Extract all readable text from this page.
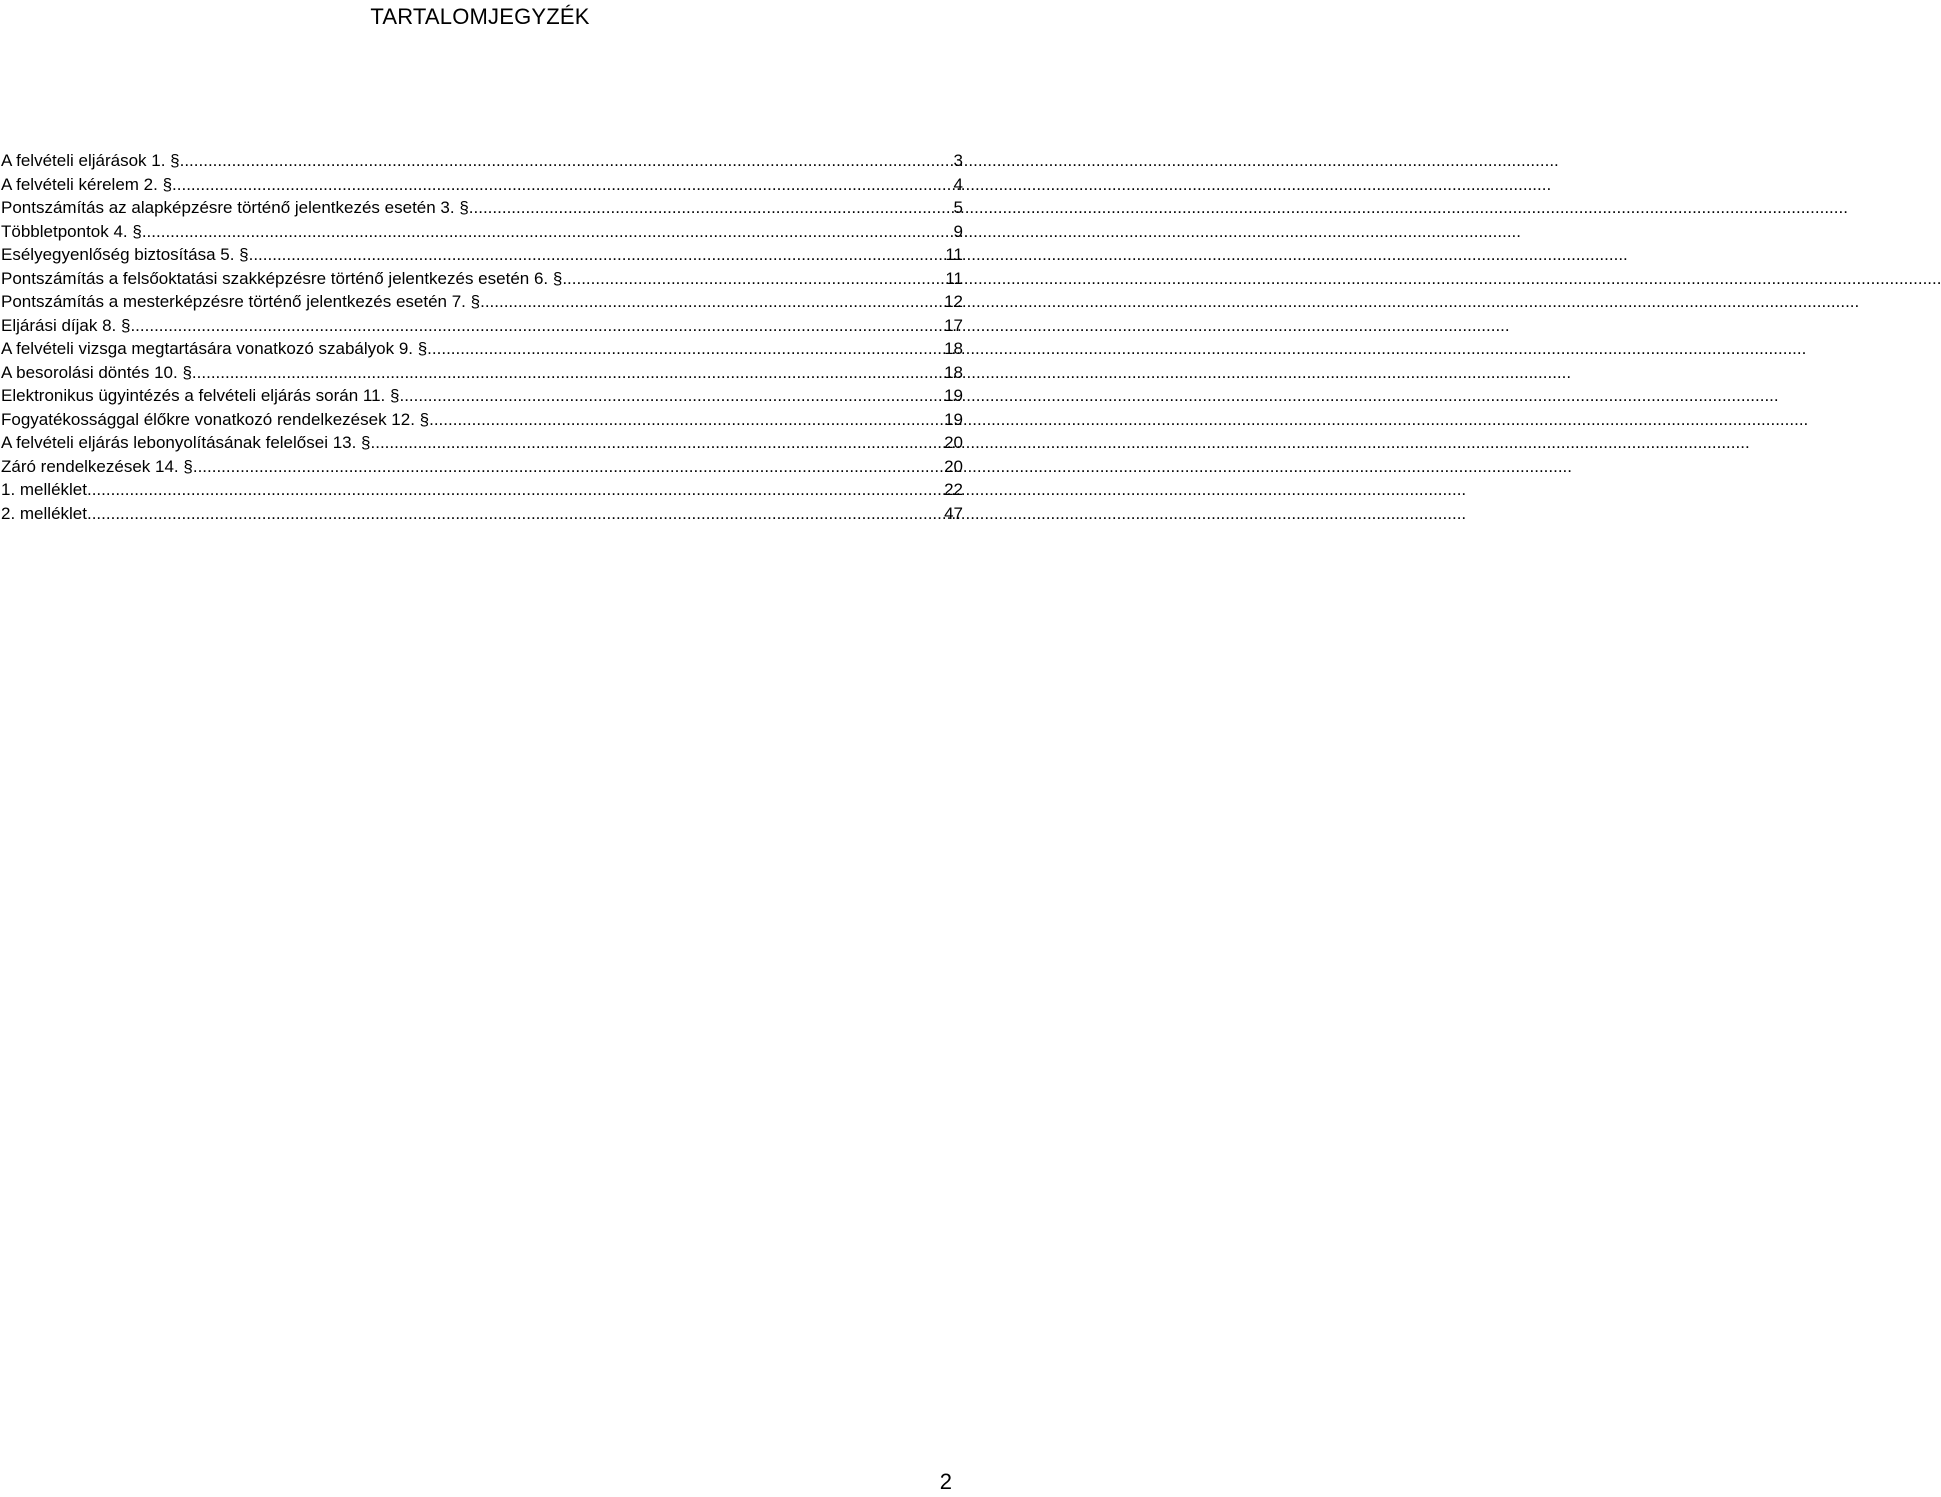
TARTALOMJEGYZÉK
A felvételi eljárások 1. § .....	3
A felvételi kérelem 2. § .....	4
Pontszámítás az alapképzésre történő jelentkezés esetén 3. § .....	5
Többletpontok 4. § .....	9
Esélyegyenlőség biztosítása 5. § .....	11
Pontszámítás a felsőoktatási szakképzésre történő jelentkezés esetén 6. § .....	11
Pontszámítás a mesterképzésre történő jelentkezés esetén 7. § .....	12
Eljárási díjak 8. § .....	17
A felvételi vizsga megtartására vonatkozó szabályok 9. § .....	18
A besorolási döntés 10. § .....	18
Elektronikus ügyintézés a felvételi eljárás során 11. § .....	19
Fogyatékossággal élőkre vonatkozó rendelkezések 12. § .....	19
A felvételi eljárás lebonyolításának felelősei 13. § .....	20
Záró rendelkezések 14. § .....	20
1. melléklet .....	22
2. melléklet .....	47
2
